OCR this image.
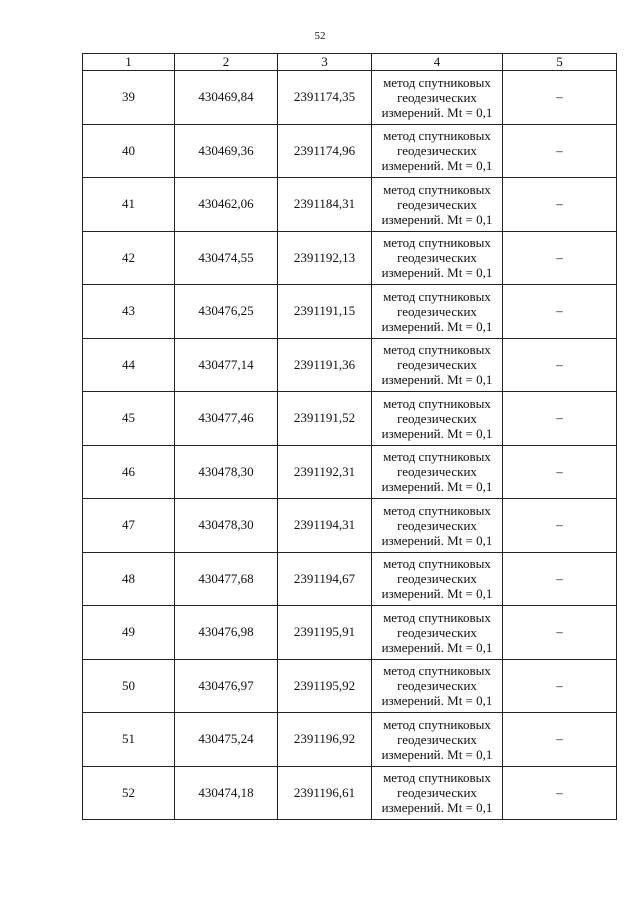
52
1	2	3	4	5
39	430469,84	2391174,35	метод спутниковых
геодезических
измерений. Mt = 0,1	–
40	430469,36	2391174,96	метод спутниковых
геодезических
измерений. Mt = 0,1	–
41	430462,06	2391184,31	метод спутниковых
геодезических
измерений. Mt = 0,1	–
42	430474,55	2391192,13	метод спутниковых
геодезических
измерений. Mt = 0,1	–
43	430476,25	2391191,15	метод спутниковых
геодезических
измерений. Mt = 0,1	–
44	430477,14	2391191,36	метод спутниковых
геодезических
измерений. Mt = 0,1	–
45	430477,46	2391191,52	метод спутниковых
геодезических
измерений. Mt = 0,1	–
46	430478,30	2391192,31	метод спутниковых
геодезических
измерений. Mt = 0,1	–
47	430478,30	2391194,31	метод спутниковых
геодезических
измерений. Mt = 0,1	–
48	430477,68	2391194,67	метод спутниковых
геодезических
измерений. Mt = 0,1	–
49	430476,98	2391195,91	метод спутниковых
геодезических
измерений. Mt = 0,1	–
50	430476,97	2391195,92	метод спутниковых
геодезических
измерений. Mt = 0,1	–
51	430475,24	2391196,92	метод спутниковых
геодезических
измерений. Mt = 0,1	–
52	430474,18	2391196,61	метод спутниковых
геодезических
измерений. Mt = 0,1	–
